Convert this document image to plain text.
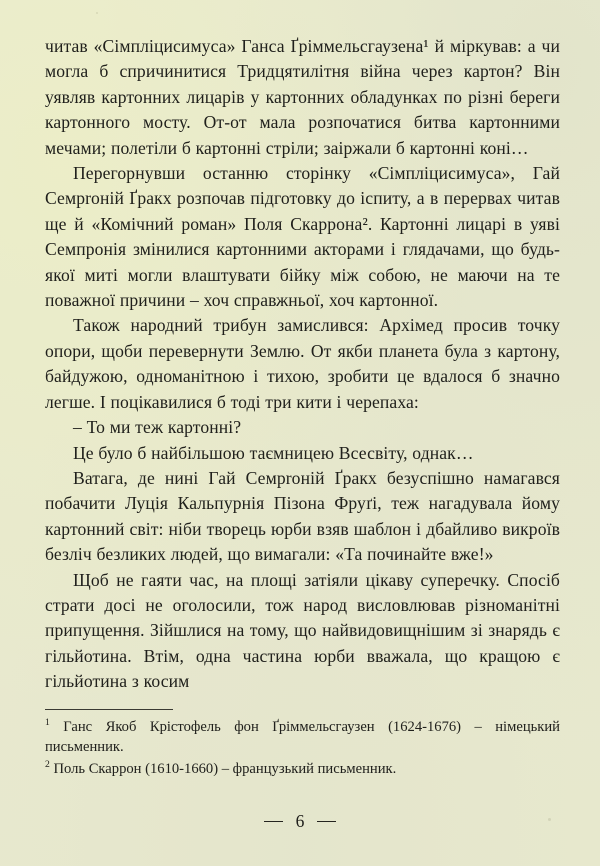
читав «Сімпліцисимуса» Ганса Ґріммельсгаузена¹ й міркував: а чи могла б спричинитися Тридцятилітня війна через картон? Він уявляв картонних лицарів у картонних обладунках по різні береги картонного мосту. От-от мала розпочатися битва картонними мечами; полетіли б картонні стріли; заіржали б картонні коні…

Перегорнувши останню сторінку «Сімпліцисимуса», Гай Семproній Ґракх розпочав підготовку до іспиту, а в перервах читав ще й «Комічний роман» Поля Скаррона². Картонні лицарі в уяві Семпронія змінилися картонними акторами і глядачами, що будь-якої миті могли влаштувати бійку між собою, не маючи на те поважної причини – хоч справжньої, хоч картонної.

Також народний трибун замислився: Архімед просив точку опори, щоби перевернути Землю. От якби планета була з картону, байдужою, одноманітною і тихою, зробити це вдалося б значно легше. І поцікавилися б тоді три кити і черепаха:

– То ми теж картонні?

Це було б найбільшою таємницею Всесвіту, однак…

Ватага, де нині Гай Семproній Ґракх безуспішно намагався побачити Луція Кальпурнія Пізона Фруґі, теж нагадувала йому картонний світ: ніби творець юрби взяв шаблон і дбайливо викроїв безліч безликих людей, що вимагали: «Та починайте вже!»

Щоб не гаяти час, на площі затіяли цікаву суперечку. Спосіб страти досі не оголосили, тож народ висловлював різноманітні припущення. Зійшлися на тому, що найвидовищнішим зі знарядь є гільйотина. Втім, одна частина юрби вважала, що кращою є гільйотина з косим

$^1$ Ганс Якоб Крістофель фон Ґріммельсгаузен (1624-1676) – німецький письменник.

$^2$ Поль Скаррон (1610-1660) – французький письменник.

6
